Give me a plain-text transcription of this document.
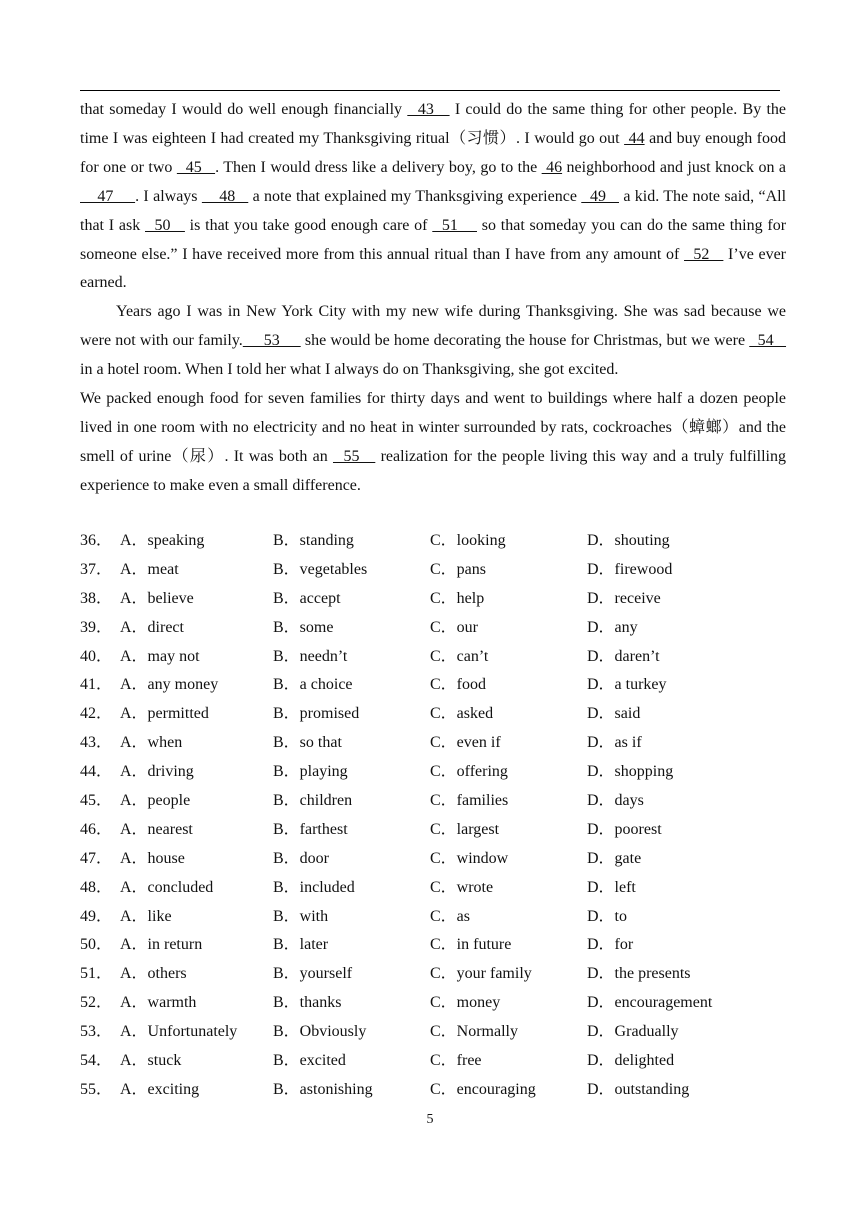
that someday I would do well enough financially   43    I could do the same thing for other people. By the time I was eighteen I had created my Thanksgiving ritual（习惯）. I would go out  44 and buy enough food for one or two   45   . Then I would dress like a delivery boy, go to the  46 neighborhood and just knock on a     47     . I always     48    a note that explained my Thanksgiving experience   49    a kid. The note said, “All that I ask   50    is that you take good enough care of   51     so that someday you can do the same thing for someone else.” I have received more from this annual ritual than I have from any amount of   52    I’ve ever earned.

Years ago I was in New York City with my new wife during Thanksgiving. She was sad because we were not with our family.     53      she would be home decorating the house for Christmas, but we were   54    in a hotel room. When I told her what I always do on Thanksgiving, she got excited.

We packed enough food for seven families for thirty days and went to buildings where half a dozen people lived in one room with no electricity and no heat in winter surrounded by rats, cockroaches（蟑螂）and the smell of urine（尿）. It was both an   55    realization for the people living this way and a truly fulfilling experience to make even a small difference.

36． A．speaking	B．standing	C．looking	D．shouting
37． A．meat	B．vegetables	C．pans	D．firewood
38． A．believe	B．accept	C．help	D．receive
39． A．direct	B．some	C．our	D．any
40． A．may not	B．needn’t	C．can’t	D．daren’t
41． A．any money	B．a choice	C．food	D．a turkey
42． A．permitted	B．promised	C．asked	D．said
43． A．when	B．so that	C．even if	D．as if
44． A．driving	B．playing	C．offering	D．shopping
45． A．people	B．children	C．families	D．days
46． A．nearest	B．farthest	C．largest	D．poorest
47． A．house	B．door	C．window	D．gate
48． A．concluded	B．included	C．wrote	D．left
49． A．like	B．with	C．as	D．to
50． A．in return	B．later	C．in future	D．for
51． A．others	B．yourself	C．your family	D．the presents
52． A．warmth	B．thanks	C．money	D．encouragement
53． A．Unfortunately B．Obviously	C．Normally	D．Gradually
54． A．stuck	B．excited	C．free	D．delighted
55． A．exciting	B．astonishing	C．encouraging	D．outstanding
5
